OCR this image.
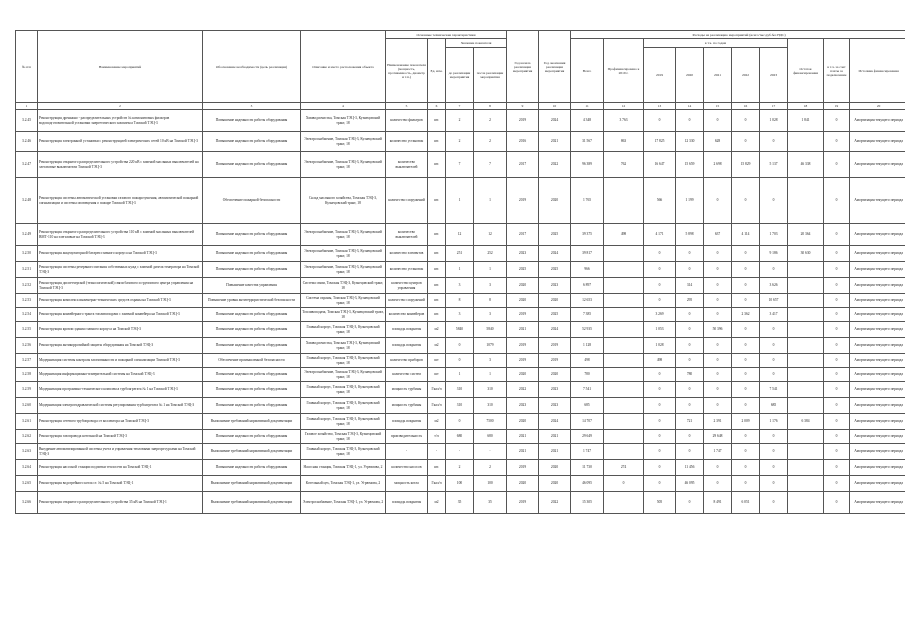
№ п/п	Наименование мероприятий	Обоснование необходимости (цель реализации)	Описание и место расположения объекта	Основные технические характеристики				Год начала реализации мероприятия	Год окончания реализации мероприятия	Расходы на реализацию мероприятий (всего/тыс.руб.без НДС)									
				Наименование показателя (мощность, протяженность, диаметр и т.п.)	Ед. изм.	Значение показателя				Всего	Профинансировано к 2019 г.	в т.ч. по годам					Остаток финансирования	в т.ч. за счет платы за подключение	Источник финансирования
						до реализации мероприятия	после реализации мероприятия					2019	2020	2021	2022	2023			
1	2	3	4	5	6	7	8	9	10	11	12	13	14	15	16	17	18	19	20
3.2.45	Реконструкция дренажно - распределительных устройств № катионитовых фильтров водоподготовительной установки энергетического комплекса Томской ТЭЦ-3	Повышение надежности работы оборудования	Химводоочистка, Томская ТЭЦ-3, Кузнецовский тракт, 18	количество фильтров	шт.	2	2	2019	2024	4 348	3 763	0	0	0	0	1 028	1 841	0	Амортизация текущего периода
3.2.46	Реконструкция электронной установки с реконструкцией электрических сетей 10 кВ на Томской ТЭЦ-3	Повышение надежности работы оборудования	Электроснабжение, Томская ТЭЦ-3, Кузнецовский тракт, 18	количество установок	шт.	2	2	2016	2021	31 567	863	17 825	12 330	628	0	0		0	Амортизация текущего периода
3.2.47	Реконструкция открытого распределительного устройства 220 кВ с заменой масляных выключателей на элегазовые выключатели Томской ТЭЦ-3	Повышение надежности работы оборудования	Электроснабжение, Томская ТЭЦ-3, Кузнецовский тракт, 18	количество выключателей	шт.	7	7	2017	2022	96 389	762	16 647	15 659	2 698	15 829	5 137	46 338	0	Амортизация текущего периода
3.2.48	Реконструкция системы автоматической установки газового пожаротушения, автоматической пожарной сигнализации и системы оповещения о пожаре Томской ТЭЦ-3	Обеспечение пожарной безопасности	Склад масляного хозяйства, Томская ТЭЦ-3, Кузнецовский тракт, 18	количество сооружений	шт.	1	1	2019	2020	1 765		566	1 199	0	0	0		0	Амортизация текущего периода
3.2.49	Реконструкция открытого распределительного устройства 110 кВ с заменой масляных выключателей ВМТ-110 на элегазовые на Томской ТЭЦ-3	Повышение надежности работы оборудования	Электроснабжение, Томская ТЭЦ-3, Кузнецовский тракт, 18	количество выключателей	шт.	12	12	2017	2025	39 375	498	4 171	5 898	637	4 114	1 703	20 364	0	Амортизация текущего периода
3.2.50	Реконструкция аккумуляторной батареи главного корпуса на Томской ТЭЦ-3	Повышение надежности работы оборудования	Электроснабжение, Томская ТЭЦ-3, Кузнецовский тракт, 18	количество элементов	шт.	251	252	2023	2024	39 817		0	0	0	0	9 186	30 630	0	Амортизация текущего периода
3.2.51	Реконструкция системы резервного питания собственных нужд с заменой дизель-генератора на Томской ТЭЦ-3	Повышение надежности работы оборудования	Электроснабжение, Томская ТЭЦ-3, Кузнецовский тракт, 18	количество установок	шт.	1	1	2025	2025	966		0	0	0	0	0		0	Амортизация текущего периода
3.2.52	Реконструкция диспетчерской (технологической) связи базового и группового центра управления на Томской ТЭЦ-3	Повышение качества управления	Система связи, Томская ТЭЦ-3, Кузнецовский тракт, 18	количество центров управления	шт.	3	3	2020	2023	6 897		0	314	0	0	3 626		0	Амортизация текущего периода
3.2.53	Реконструкция комплекса инженерно-технических средств охраны на Томской ТЭЦ-3	Повышение уровня антитеррористической безопасности	Система охраны, Томская ТЭЦ-3, Кузнецовский тракт, 18	количество сооружений	шт.	8	8	2020	2020	12 653		0	295	0	0	10 657		0	Амортизация текущего периода
3.2.54	Реконструкция конвейерного тракта топливоподачи с заменой конвейера на Томской ТЭЦ-3	Повышение надежности работы оборудования	Топливоподача, Томская ТЭЦ-3, Кузнецовский тракт, 18	количество конвейеров	шт.	3	3	2019	2025	7 385		3 269	0	0	2 362	3 417		0	Амортизация текущего периода
3.2.55	Реконструкция кровли здания главного корпуса на Томской ТЭЦ-3	Повышение надежности работы оборудования	Главный корпус, Томская ТЭЦ-3, Кузнецовский тракт, 18	площадь покрытия	м2	5840	5840	2021	2024	52 935		1 053	0	50 396	0	0		0	Амортизация текущего периода
3.2.56	Реконструкция антикоррозийной защиты оборудования на Томской ТЭЦ-3	Повышение надежности работы оборудования	Химводоочистка, Томская ТЭЦ-3, Кузнецовский тракт, 18	площадь покрытия	м2	0	1079	2019	2019	1 128		1 028	0	0	0	0		0	Амортизация текущего периода
3.2.57	Модернизация системы контроля загазованности и пожарной сигнализации Томской ТЭЦ-3	Обеспечение промышленной безопасности	Главный корпус, Томская ТЭЦ-3, Кузнецовский тракт, 18	количество приборов	шт	0	3	2019	2019	498		498	0	0	0	0		0	Амортизация текущего периода
3.2.58	Модернизация информационно-измерительной системы на Томской ТЭЦ-3	Повышение надежности работы оборудования	Электроснабжение, Томская ТЭЦ-3, Кузнецовский тракт, 18	количество систем	шт	1	1	2020	2020	780		0	780	0	0	0		0	Амортизация текущего периода
3.2.59	Модернизация программно-технического комплекса турбоагрегата № 1 на Томской ТЭЦ-3	Повышение надежности работы оборудования	Главный корпус, Томская ТЭЦ-3, Кузнецовский тракт, 18	мощность турбины	Гкал/ч	310	310	2022	2023	7 541		0	0	0	0	7 541		0	Амортизация текущего периода
3.2.60	Модернизация электрогидравлической системы регулирования турбоагрегата № 1 на Томской ТЭЦ-3	Повышение надежности работы оборудования	Главный корпус, Томская ТЭЦ-3, Кузнецовский тракт, 18	мощность турбины	Гкал/ч	310	310	2023	2023	685		0	0	0	0	685		0	Амортизация текущего периода
3.2.61	Реконструкция сетевого трубопровода от коллектора на Томской ТЭЦ-3	Выполнение требований нормативной документации	Главный корпус, Томская ТЭЦ-3, Кузнецовский тракт, 18	площадь покрытия	м2	0	7500	2020	2024	14 707		0	721	2 391	2 009	1 176	6 384	0	Амортизация текущего периода
3.2.62	Реконструкция газопровода котельной на Томской ТЭЦ-3	Повышение надежности работы оборудования	Газовое хозяйство, Томская ТЭЦ-3, Кузнецовский тракт, 18	производительность	т/ч	680	680	2021	2021	29 649		0	0	29 648	0	0		0	Амортизация текущего периода
3.2.63	Внедрение автоматизированной системы учета и управления тепловыми энергоресурсами на Томской ТЭЦ-3	Выполнение требований нормативной документации	Главный корпус, Томская ТЭЦ-3, Кузнецовский тракт, 18	-	-	-	-	2021	2021	1 747		0	0	1 747	0	0		0	Амортизация текущего периода
3.2.64	Реконструкция насосной станции подпитки теплосети на Томской ТЭЦ-1	Повышение надежности работы оборудования	Насосная станция, Томская ТЭЦ-1, ул. Угрюмова, 2	количество насосов	шт.	2	2	2019	2020	11 730	274	0	11 456	0	0	0		0	Амортизация текущего периода
3.2.65	Реконструкция водогрейного котла ст. № 5 на Томской ТЭЦ-1	Выполнение требований нормативной документации	Котельный цех, Томская ТЭЦ-1, ул. Угрюмова, 2	мощность котла	Гкал/ч	100	100	2020	2020	46 095	0	0	46 095	0	0	0		0	Амортизация текущего периода
3.2.66	Реконструкция открытого распределительного устройства 35 кВ на Томской ТЭЦ-1	Выполнение требований нормативной документации	Электроснабжение, Томская ТЭЦ-1, ул. Угрюмова, 2	площадь покрытия	м2	35	35	2019	2022	15 305		505	0	8 491	6 051	0		0	Амортизация текущего периода
